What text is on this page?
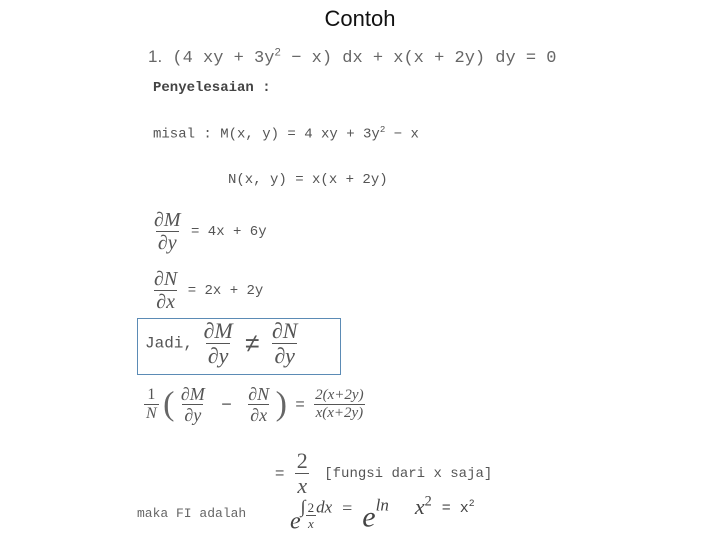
Contoh
1. (4 xy + $3y^2 - x$) dx + x(x + 2y) dy = 0
Penyelesaian :
misal : M(x, y) = 4 xy + $3y^2 - x$
N(x, y) = x(x + 2y)
$\frac{\partial M}{\partial y} = 4x + 6y$
$\frac{\partial N}{\partial x} = 2x + 2y$
Jadi, $\frac{\partial M}{\partial y} \ne \frac{\partial N}{\partial y}$
$\frac{1}{N}$ ( $\frac{\partial M}{\partial y} - \frac{\partial N}{\partial x}$ ) = $\frac{2(x+2y)}{x(x+2y)}$
= $\frac{2}{x}$ [fungsi dari x saja]
maka FI adalah $e^\int \frac{2}{x} ^{dx}$ = $e^{ln}$ $x^2$ $^{= x^2}$
